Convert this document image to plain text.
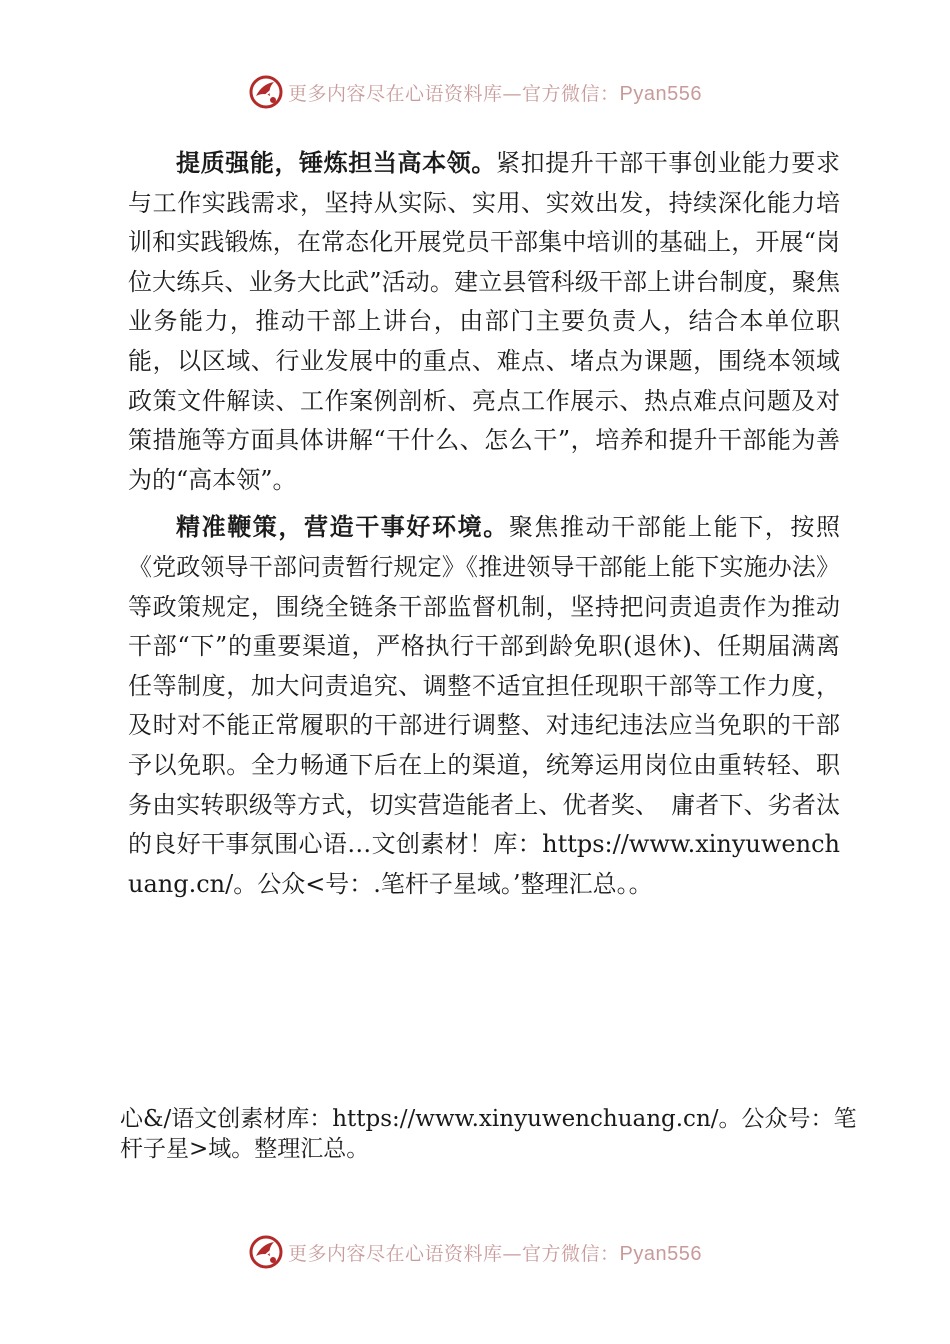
更多内容尽在心语资料库—官方微信：Pyan556

提质强能，锤炼担当高本领。紧扣提升干部干事创业能力要求与工作实践需求，坚持从实际、实用、实效出发，持续深化能力培训和实践锻炼，在常态化开展党员干部集中培训的基础上，开展“岗位大练兵、业务大比武”活动。建立县管科级干部上讲台制度，聚焦业务能力，推动干部上讲台，由部门主要负责人，结合本单位职能，以区域、行业发展中的重点、难点、堵点为课题，围绕本领域政策文件解读、工作案例剖析、亮点工作展示、热点难点问题及对策措施等方面具体讲解“干什么、怎么干”，培养和提升干部能为善为的“高本领”。

精准鞭策，营造干事好环境。聚焦推动干部能上能下，按照《党政领导干部问责暂行规定》《推进领导干部能上能下实施办法》等政策规定，围绕全链条干部监督机制，坚持把问责追责作为推动干部“下”的重要渠道，严格执行干部到龄免职(退休)、任期届满离任等制度，加大问责追究、调整不适宜担任现职干部等工作力度，及时对不能正常履职的干部进行调整、对违纪违法应当免职的干部予以免职。全力畅通下后在上的渠道，统筹运用岗位由重转轻、职务由实转职级等方式，切实营造能者上、优者奖、　庸者下、劣者汰的良好干事氛围心语…文创素材！库：https://www.xinyuwenchuang.cn/。公众<号：.笔杆子星域。’整理汇总。。

心&/语文创素材库：https://www.xinyuwenchuang.cn/。公众号：笔杆子星>域。整理汇总。

更多内容尽在心语资料库—官方微信：Pyan556
